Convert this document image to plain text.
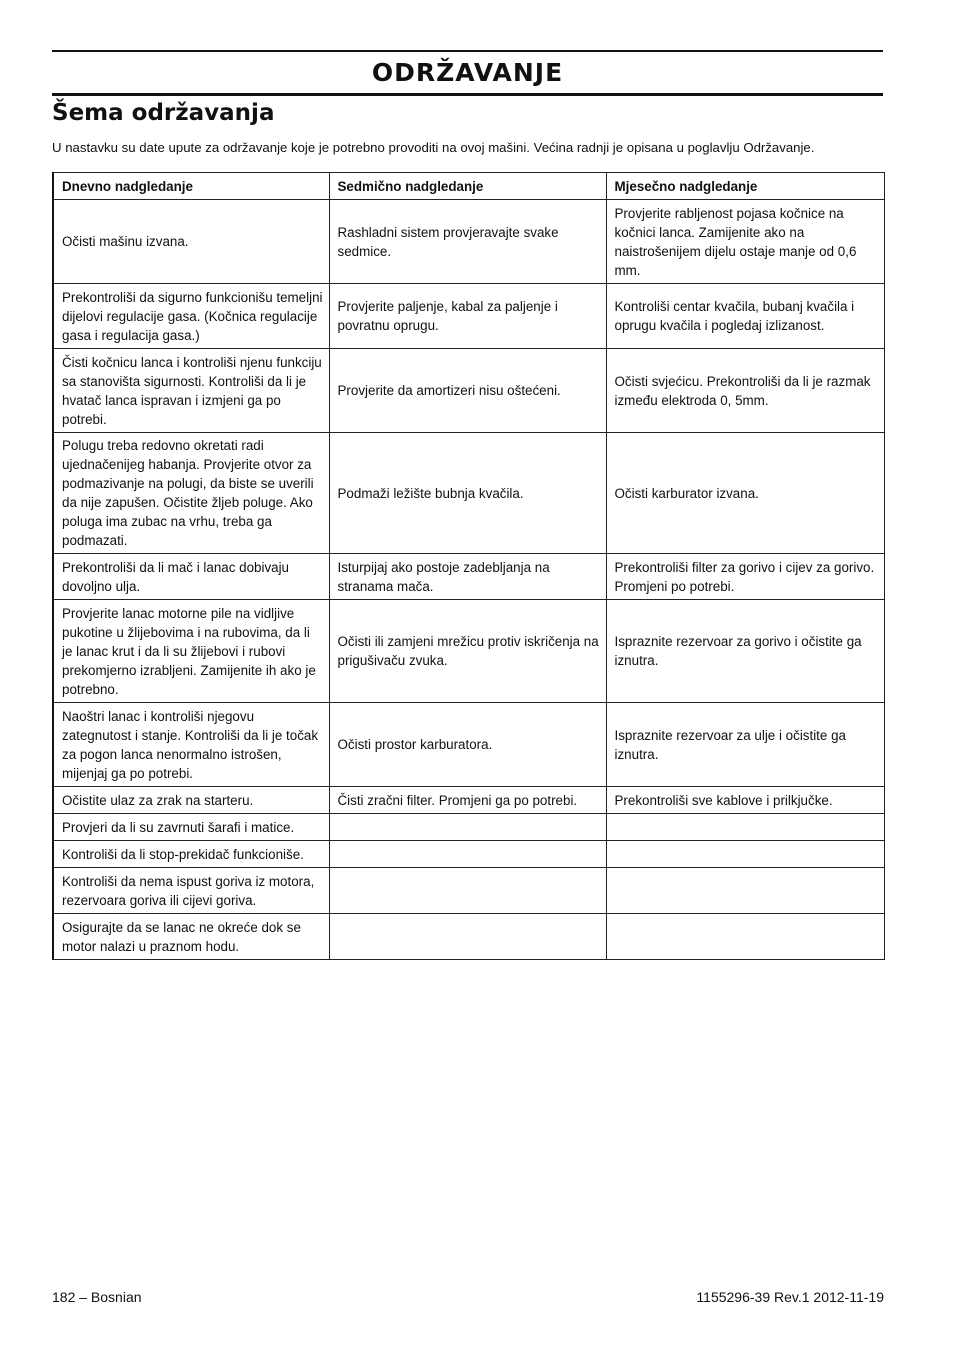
ODRŽAVANJE
Šema održavanja

U nastavku su date upute za održavanje koje je potrebno provoditi na ovoj mašini. Većina radnji je opisana u poglavlju Održavanje.

Dnevno nadgledanje	Sedmično nadgledanje	Mjesečno nadgledanje
Očisti mašinu izvana.	Rashladni sistem provjeravajte svake sedmice.	Provjerite rabljenost pojasa kočnice na kočnici lanca. Zamijenite ako na naistrošenijem dijelu ostaje manje od 0,6 mm.
Prekontroliši da sigurno funkcionišu temeljni dijelovi regulacije gasa. (Kočnica regulacije gasa i regulacija gasa.)	Provjerite paljenje, kabal za paljenje i povratnu oprugu.	Kontroliši centar kvačila, bubanj kvačila i oprugu kvačila i pogledaj izlizanost.
Čisti kočnicu lanca i kontroliši njenu funkciju sa stanovišta sigurnosti. Kontroliši da li je hvatač lanca ispravan i izmjeni ga po potrebi.	Provjerite da amortizeri nisu oštećeni.	Očisti svjećicu. Prekontroliši da li je razmak između elektroda 0, 5mm.
Polugu treba redovno okretati radi ujednačenijeg habanja. Provjerite otvor za podmazivanje na polugi, da biste se uverili da nije zapušen. Očistite žljeb poluge. Ako poluga ima zubac na vrhu, treba ga podmazati.	Podmaži ležište bubnja kvačila.	Očisti karburator izvana.
Prekontroliši da li mač i lanac dobivaju dovoljno ulja.	Isturpijaj ako postoje zadebljanja na stranama mača.	Prekontroliši filter za gorivo i cijev za gorivo. Promjeni po potrebi.
Provjerite lanac motorne pile na vidljive pukotine u žlijebovima i na rubovima, da li je lanac krut i da li su žlijebovi i rubovi prekomjerno izrabljeni. Zamijenite ih ako je potrebno.	Očisti ili zamjeni mrežicu protiv iskričenja na prigušivaču zvuka.	Ispraznite rezervoar za gorivo i očistite ga iznutra.
Naoštri lanac i kontroliši njegovu zategnutost i stanje. Kontroliši da li je točak za pogon lanca nenormalno istrošen, mijenjaj ga po potrebi.	Očisti prostor karburatora.	Ispraznite rezervoar za ulje i očistite ga iznutra.
Očistite ulaz za zrak na starteru.	Čisti zračni filter. Promjeni ga po potrebi.	Prekontroliši sve kablove i prilkjučke.
Provjeri da li su zavrnuti šarafi i matice.		
Kontroliši da li stop-prekidač funkcioniše.		
Kontroliši da nema ispust goriva iz motora, rezervoara goriva ili cijevi goriva.		
Osigurajte da se lanac ne okreće dok se motor nalazi u praznom hodu.		

182 – Bosnian	1155296-39 Rev.1 2012-11-19
